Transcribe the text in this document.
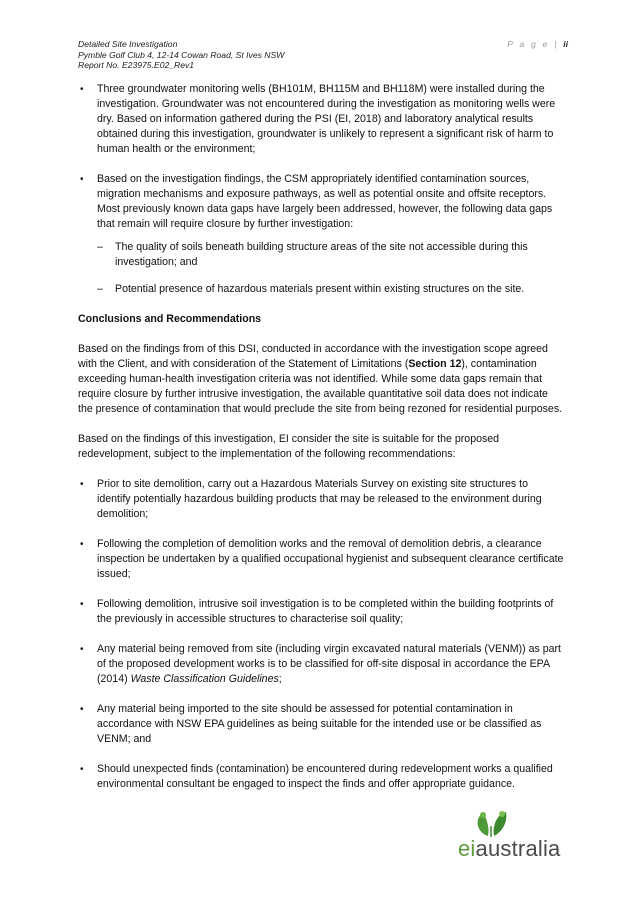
Detailed Site Investigation
Pymble Golf Club 4, 12-14 Cowan Road, St Ives NSW
Report No. E23975.E02_Rev1
P a g e | ii
• Three groundwater monitoring wells (BH101M, BH115M and BH118M) were installed during the investigation. Groundwater was not encountered during the investigation as monitoring wells were dry. Based on information gathered during the PSI (EI, 2018) and laboratory analytical results obtained during this investigation, groundwater is unlikely to represent a significant risk of harm to human health or the environment;
• Based on the investigation findings, the CSM appropriately identified contamination sources, migration mechanisms and exposure pathways, as well as potential onsite and offsite receptors. Most previously known data gaps have largely been addressed, however, the following data gaps that remain will require closure by further investigation:
– The quality of soils beneath building structure areas of the site not accessible during this investigation; and
– Potential presence of hazardous materials present within existing structures on the site.
Conclusions and Recommendations

Based on the findings from of this DSI, conducted in accordance with the investigation scope agreed with the Client, and with consideration of the Statement of Limitations (Section 12), contamination exceeding human-health investigation criteria was not identified. While some data gaps remain that require closure by further intrusive investigation, the available quantitative soil data does not indicate the presence of contamination that would preclude the site from being rezoned for residential purposes.

Based on the findings of this investigation, EI consider the site is suitable for the proposed redevelopment, subject to the implementation of the following recommendations:

• Prior to site demolition, carry out a Hazardous Materials Survey on existing site structures to identify potentially hazardous building products that may be released to the environment during demolition;
• Following the completion of demolition works and the removal of demolition debris, a clearance inspection be undertaken by a qualified occupational hygienist and subsequent clearance certificate issued;
• Following demolition, intrusive soil investigation is to be completed within the building footprints of the previously in accessible structures to characterise soil quality;
• Any material being removed from site (including virgin excavated natural materials (VENM)) as part of the proposed development works is to be classified for off-site disposal in accordance the EPA (2014) Waste Classification Guidelines;
• Any material being imported to the site should be assessed for potential contamination in accordance with NSW EPA guidelines as being suitable for the intended use or be classified as VENM; and
• Should unexpected finds (contamination) be encountered during redevelopment works a qualified environmental consultant be engaged to inspect the finds and offer appropriate guidance.
eiaustralia
